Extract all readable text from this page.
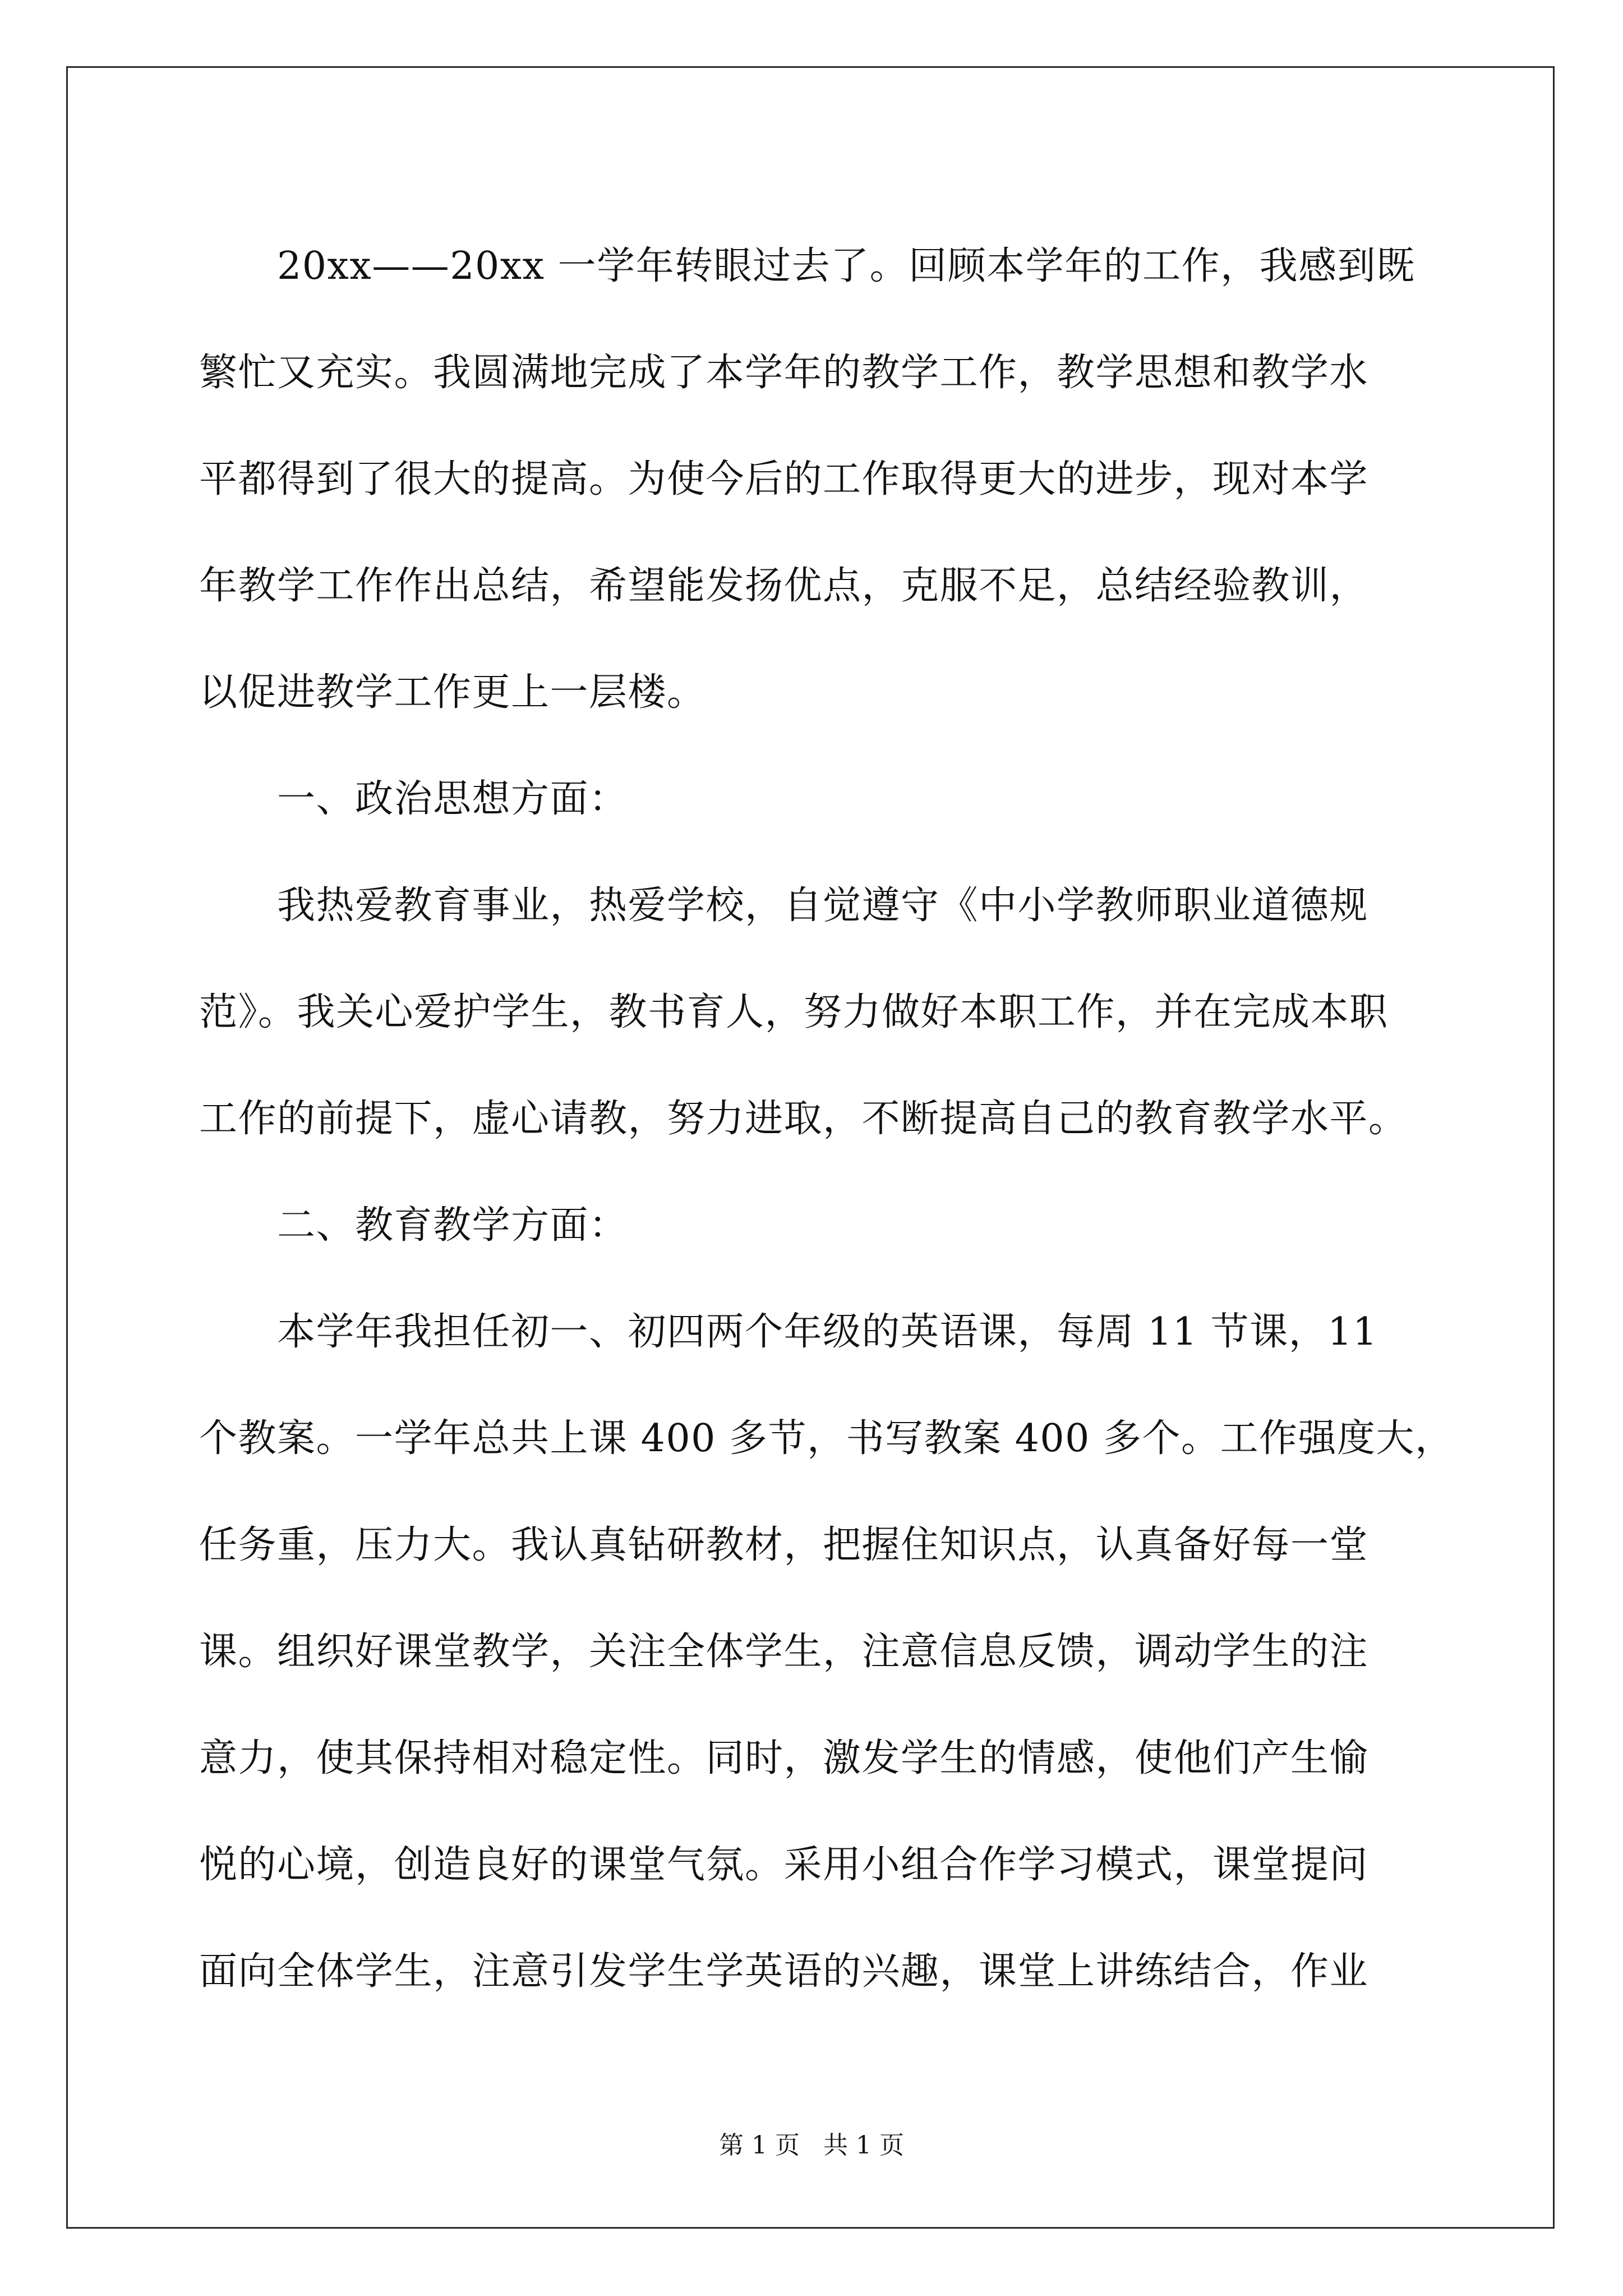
　　20xx——20xx 一学年转眼过去了。回顾本学年的工作，我感到既
繁忙又充实。我圆满地完成了本学年的教学工作，教学思想和教学水
平都得到了很大的提高。为使今后的工作取得更大的进步，现对本学
年教学工作作出总结，希望能发扬优点，克服不足，总结经验教训，
以促进教学工作更上一层楼。
　　一、政治思想方面：
　　我热爱教育事业，热爱学校，自觉遵守《中小学教师职业道德规
范》。我关心爱护学生，教书育人，努力做好本职工作，并在完成本职
工作的前提下，虚心请教，努力进取，不断提高自己的教育教学水平。
　　二、教育教学方面：
　　本学年我担任初一、初四两个年级的英语课，每周 11 节课，11
个教案。一学年总共上课 400 多节，书写教案 400 多个。工作强度大，
任务重，压力大。我认真钻研教材，把握住知识点，认真备好每一堂
课。组织好课堂教学，关注全体学生，注意信息反馈，调动学生的注
意力，使其保持相对稳定性。同时，激发学生的情感，使他们产生愉
悦的心境，创造良好的课堂气氛。采用小组合作学习模式，课堂提问
面向全体学生，注意引发学生学英语的兴趣，课堂上讲练结合，作业
第 1 页   共 1 页
